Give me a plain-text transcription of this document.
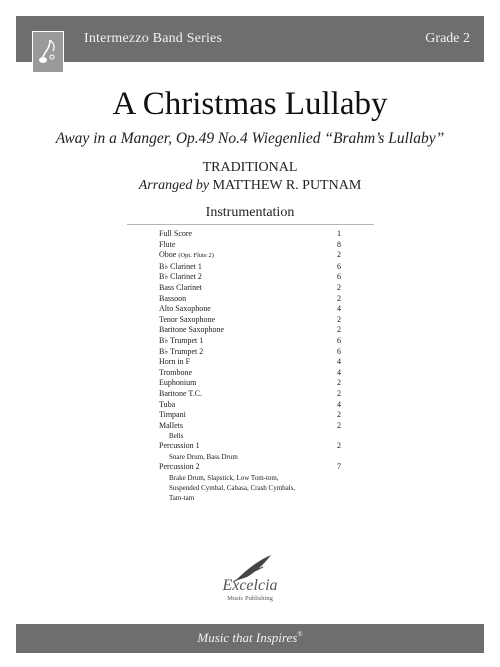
Intermezzo Band Series	Grade 2
A Christmas Lullaby
Away in a Manger, Op.49 No.4 Wiegenlied “Brahm’s Lullaby”
TRADITIONAL
Arranged by MATTHEW R. PUTNAM
Instrumentation
Full Score	1
Flute	8
Oboe (Opt. Flute 2)	2
B♭ Clarinet 1	6
B♭ Clarinet 2	6
Bass Clarinet	2
Bassoon	2
Alto Saxophone	4
Tenor Saxophone	2
Baritone Saxophone	2
B♭ Trumpet 1	6
B♭ Trumpet 2	6
Horn in F	4
Trombone	4
Euphonium	2
Baritone T.C.	2
Tuba	4
Timpani	2
Mallets	2
Bells
Percussion 1	2
Snare Drum, Bass Drum
Percussion 2	7
Brake Drum, Slapstick, Low Tom-tom,
Suspended Cymbal, Cabasa, Crash Cymbals,
Tam-tam
Excelcia
Music Publishing
Music that Inspires®
